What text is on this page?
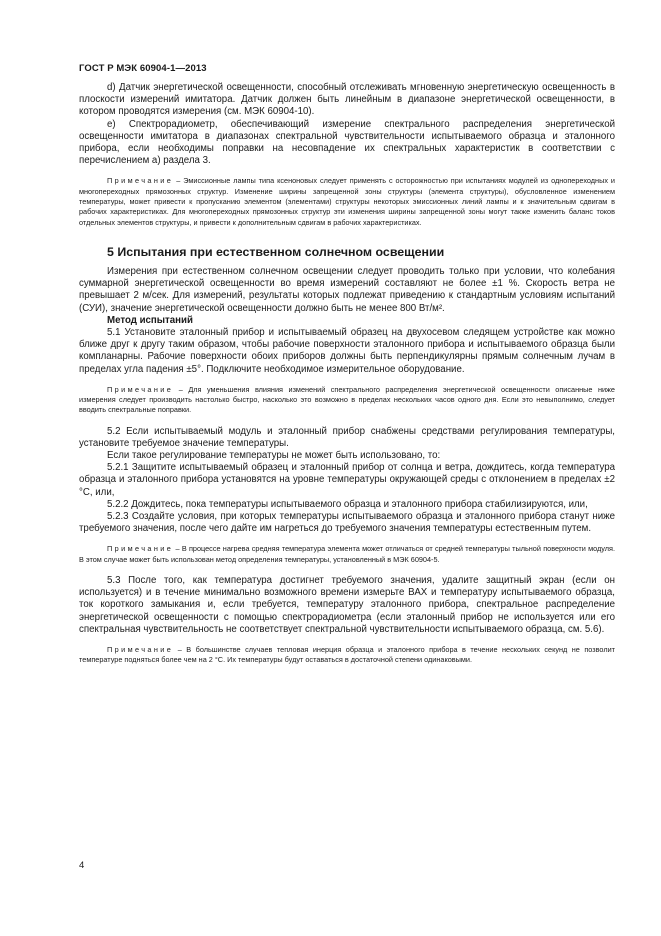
ГОСТ Р МЭК 60904-1—2013

d) Датчик энергетической освещенности, способный отслеживать мгновенную энергетическую освещенность в плоскости измерений имитатора. Датчик должен быть линейным в диапазоне энергетической освещенности, в котором проводятся измерения (см. МЭК 60904-10).

e) Спектрорадиометр, обеспечивающий измерение спектрального распределения энергетической освещенности имитатора в диапазонах спектральной чувствительности испытываемого образца и эталонного прибора, если необходимы поправки на несовпадение их спектральных характеристик в соответствии с перечислением а) раздела 3.

Примечание – Эмиссионные лампы типа ксеноновых следует применять с осторожностью при испытаниях модулей из однопереходных и многопереходных прямозонных структур. Изменение ширины запрещенной зоны структуры (элемента структуры), обусловленное изменением температуры, может привести к пропусканию элементом (элементами) структуры некоторых эмиссионных линий лампы и к значительным сдвигам в рабочих характеристиках. Для многопереходных прямозонных структур эти изменения ширины запрещенной зоны могут также изменить баланс токов отдельных элементов структуры, и привести к дополнительным сдвигам в рабочих характеристиках.

5 Испытания при естественном солнечном освещении

Измерения при естественном солнечном освещении следует проводить только при условии, что колебания суммарной энергетической освещенности во время измерений составляют не более ±1 %. Скорость ветра не превышает 2 м/сек. Для измерений, результаты которых подлежат приведению к стандартным условиям испытаний (СУИ), значение энергетической освещенности должно быть не менее 800 Вт/м².

Метод испытаний

5.1 Установите эталонный прибор и испытываемый образец на двухосевом следящем устройстве как можно ближе друг к другу таким образом, чтобы рабочие поверхности эталонного прибора и испытываемого образца были компланарны. Рабочие поверхности обоих приборов должны быть перпендикулярны прямым солнечным лучам в пределах угла падения ±5°. Подключите необходимое измерительное оборудование.

Примечание – Для уменьшения влияния изменений спектрального распределения энергетической освещенности описанные ниже измерения следует производить настолько быстро, насколько это возможно в пределах нескольких часов одного дня. Если это невыполнимо, следует вводить спектральные поправки.

5.2 Если испытываемый модуль и эталонный прибор снабжены средствами регулирования температуры, установите требуемое значение температуры.

Если такое регулирование температуры не может быть использовано, то:

5.2.1 Защитите испытываемый образец и эталонный прибор от солнца и ветра, дождитесь, когда температура образца и эталонного прибора установятся на уровне температуры окружающей среды с отклонением в пределах ±2 °C, или,

5.2.2 Дождитесь, пока температуры испытываемого образца и эталонного прибора стабилизируются, или,

5.2.3 Создайте условия, при которых температуры испытываемого образца и эталонного прибора станут ниже требуемого значения, после чего дайте им нагреться до требуемого значения температуры естественным путем.

Примечание – В процессе нагрева средняя температура элемента может отличаться от средней температуры тыльной поверхности модуля. В этом случае может быть использован метод определения температуры, установленный в МЭК 60904-5.

5.3 После того, как температура достигнет требуемого значения, удалите защитный экран (если он используется) и в течение минимально возможного времени измерьте ВАХ и температуру испытываемого образца, ток короткого замыкания и, если требуется, температуру эталонного прибора, спектральное распределение энергетической освещенности с помощью спектрорадиометра (если эталонный прибор не используется или его спектральная чувствительность не соответствует спектральной чувствительности испытываемого образца, см. 5.6).

Примечание – В большинстве случаев тепловая инерция образца и эталонного прибора в течение нескольких секунд не позволит температуре подняться более чем на 2 °C. Их температуры будут оставаться в достаточной степени одинаковыми.

4
